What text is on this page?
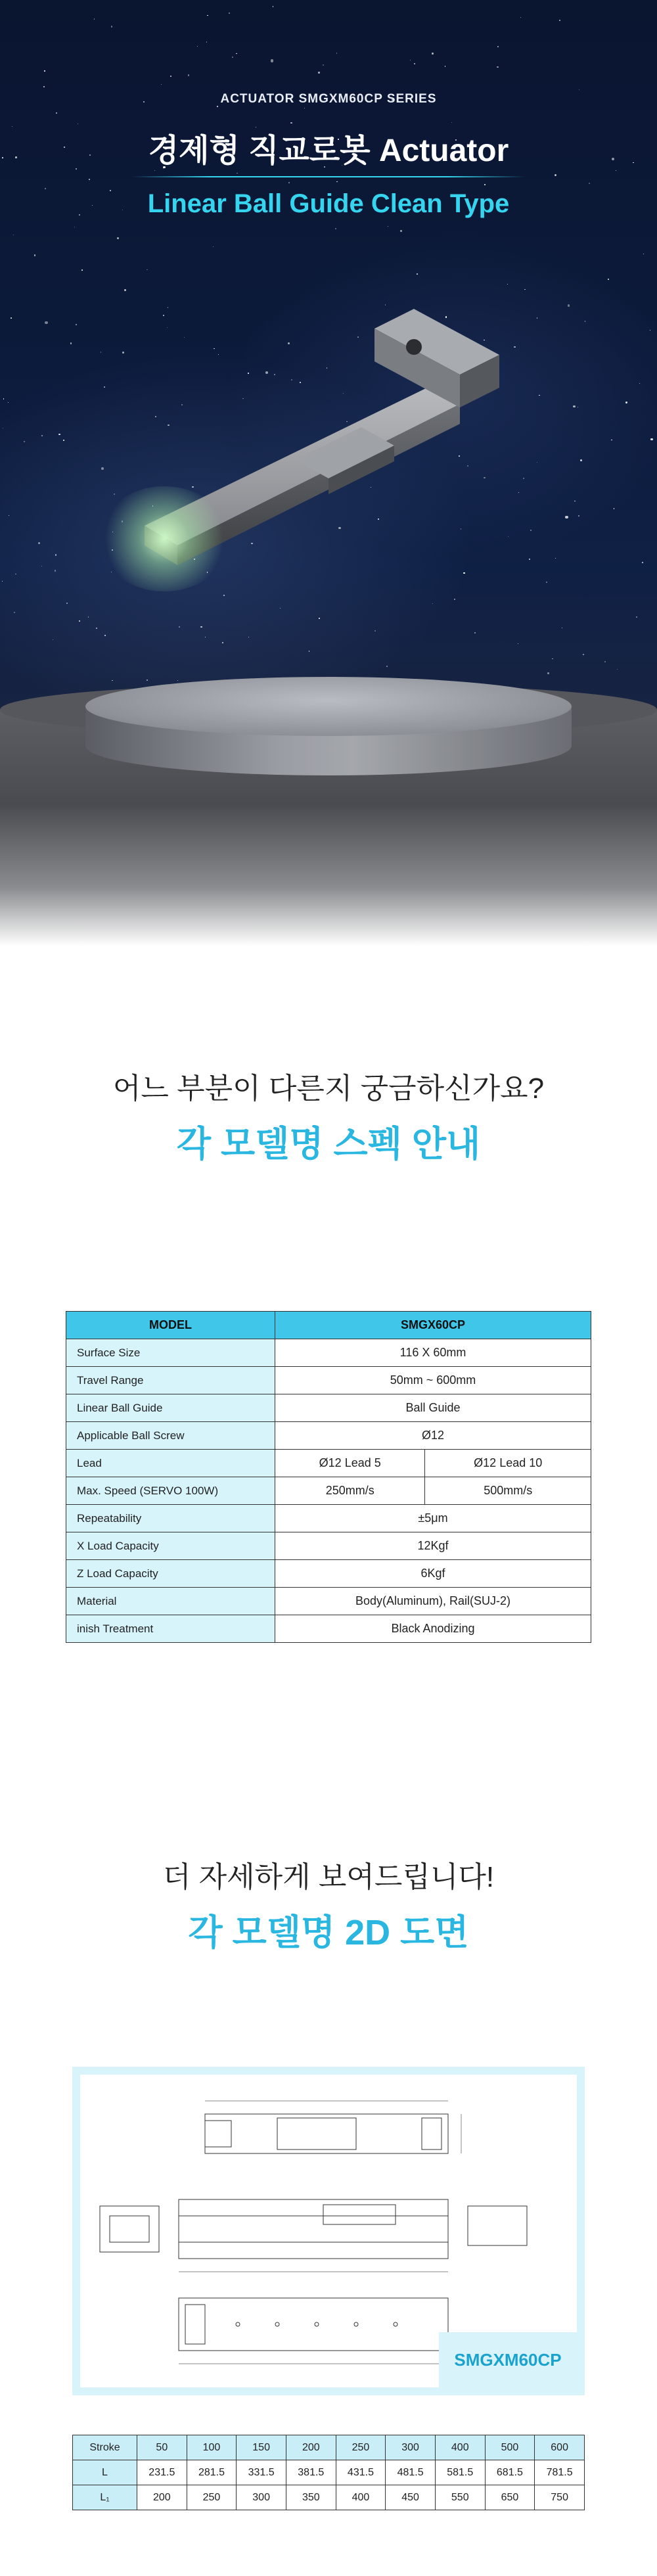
ACTUATOR SMGXM60CP SERIES
경제형 직교로봇 Actuator
Linear Ball Guide Clean Type
어느 부분이 다른지 궁금하신가요?
각 모델명 스펙 안내
MODEL	SMGX60CP	
Surface Size	116 X 60mm	
Travel Range	50mm ~ 600mm	
Linear Ball Guide	Ball Guide	
Applicable Ball Screw	Ø12	
Lead	Ø12 Lead 5	Ø12 Lead 10
Max. Speed (SERVO 100W)	250mm/s	500mm/s
Repeatability	±5μm	
X Load Capacity	12Kgf	
Z Load Capacity	6Kgf	
Material	Body(Aluminum), Rail(SUJ-2)	
inish Treatment	Black Anodizing	
더 자세하게 보여드립니다!
각 모델명 2D 도면
SMGXM60CP
Stroke	50	100	150	200	250	300	400	500	600
L	231.5	281.5	331.5	381.5	431.5	481.5	581.5	681.5	781.5
L₁	200	250	300	350	400	450	550	650	750
